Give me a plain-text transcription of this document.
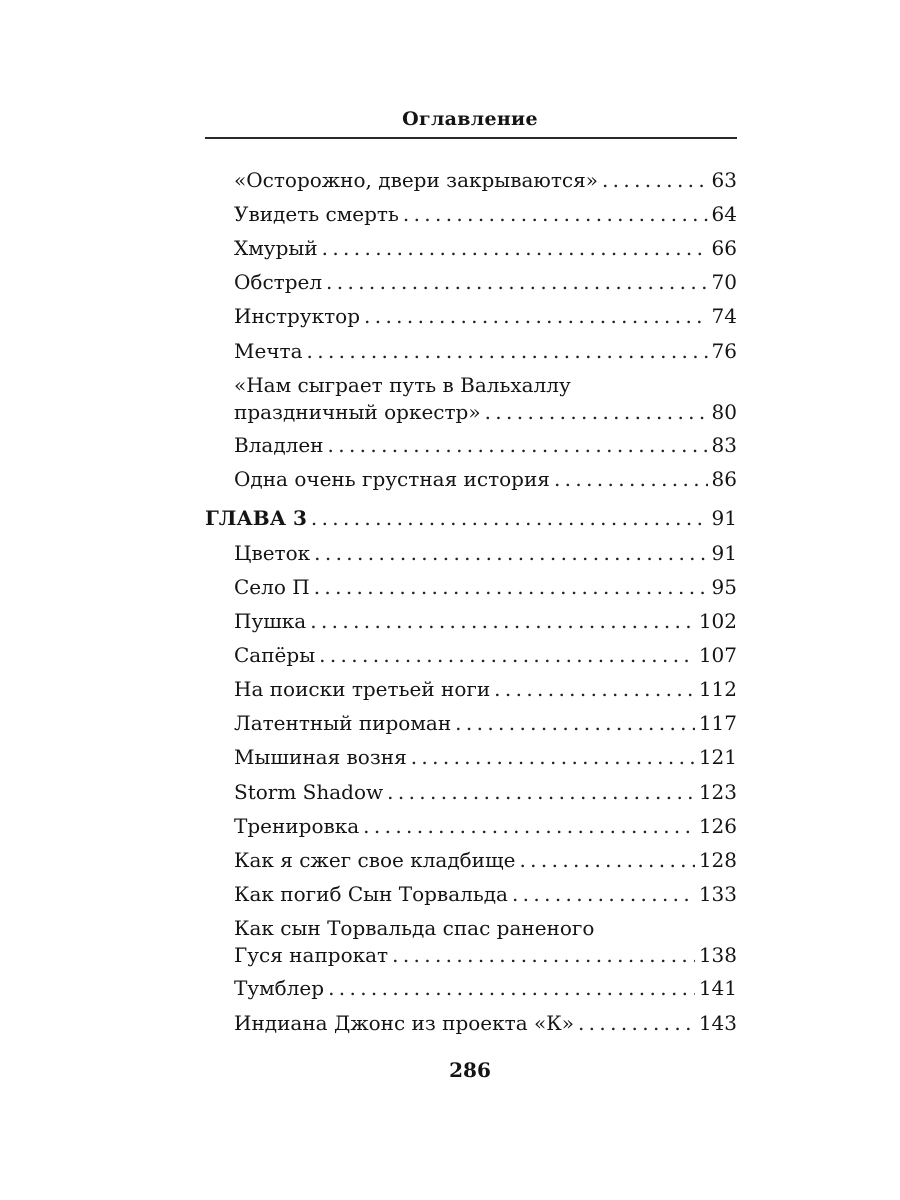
Оглавление
«Осторожно, двери закрываются» . . .	63
Увидеть смерть . . .	64
Хмурый . . .	66
Обстрел . . .	70
Инструктор . . .	74
Мечта . . .	76
«Нам сыграет путь в Вальхаллу
праздничный оркестр» . . .	80
Владлен . . .	83
Одна очень грустная история . . .	86
ГЛАВА 3 . . .	91
Цветок . . .	91
Село П . . .	95
Пушка . . .	102
Сапёры . . .	107
На поиски третьей ноги . . .	112
Латентный пироман . . .	117
Мышиная возня . . .	121
Storm Shadow . . .	123
Тренировка . . .	126
Как я сжег свое кладбище . . .	128
Как погиб Сын Торвальда . . .	133
Как сын Торвальда спас раненого
Гуся напрокат . . .	138
Тумблер . . .	141
Индиана Джонс из проекта «К» . . .	143
286
